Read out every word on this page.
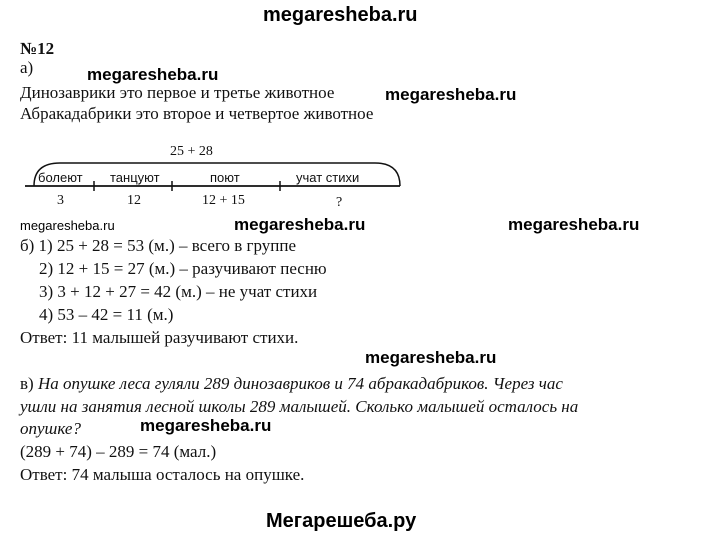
megaresheba.ru
megaresheba.ru
megaresheba.ru
megaresheba.ru	megaresheba.ru	megaresheba.ru
megaresheba.ru
megaresheba.ru
Мегарешеба.ру
№12
а)
Динозаврики это первое и третье животное
Абракадабрики это второе и четвертое животное
25 + 28
болеют танцуют	поют	учат стихи
3	12	12 + 15	?
б) 1) 25 + 28 = 53 (м.) – всего в группе
2) 12 + 15 = 27 (м.) – разучивают песню
3) 3 + 12 + 27 = 42 (м.) – не учат стихи
4) 53 – 42 = 11 (м.)
Ответ: 11 малышей разучивают стихи.
в) На опушке леса гуляли 289 динозавриков и 74 абракадабриков. Через час
ушли на занятия лесной школы 289 малышей. Сколько малышей осталось на
опушке?
(289 + 74) – 289 = 74 (мал.)
Ответ: 74 малыша осталось на опушке.
